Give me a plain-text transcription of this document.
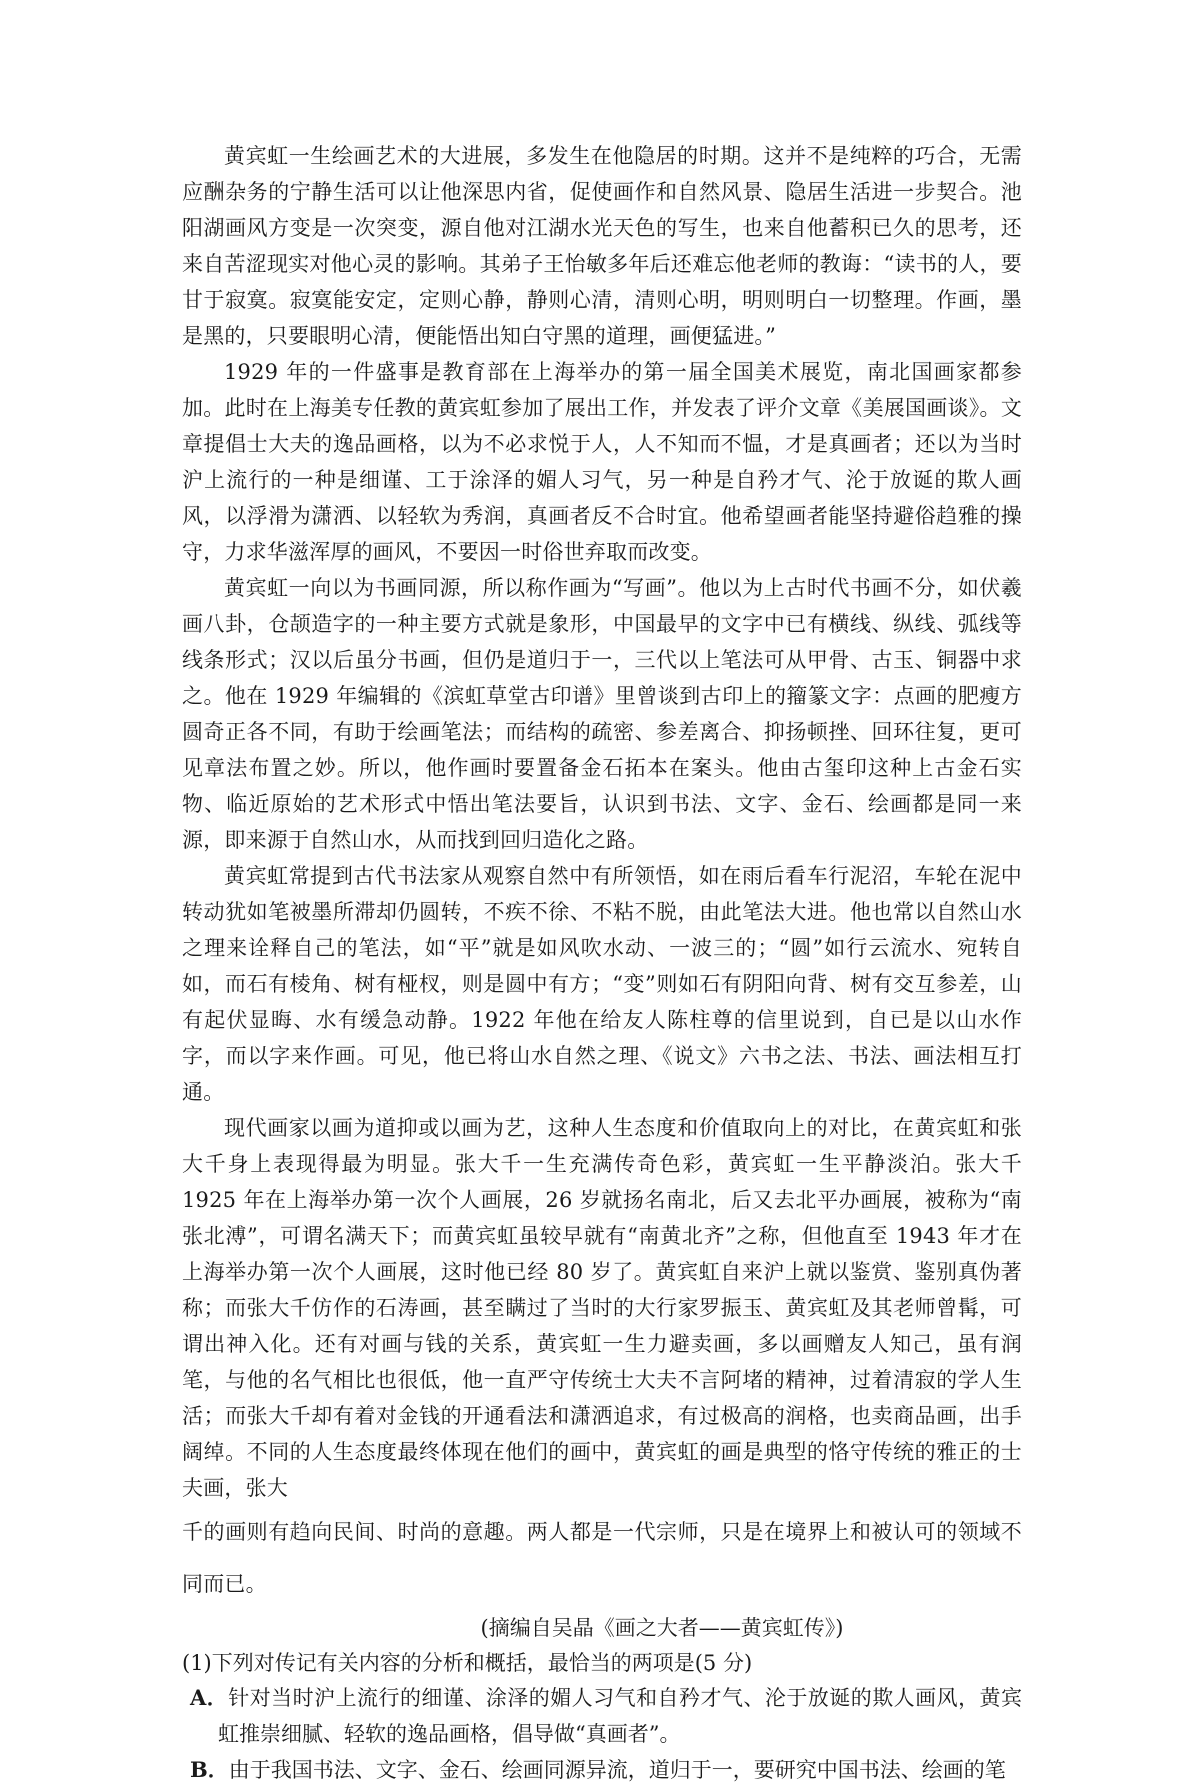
黄宾虹一生绘画艺术的大进展，多发生在他隐居的时期。这并不是纯粹的巧合，无需应酬杂务的宁静生活可以让他深思内省，促使画作和自然风景、隐居生活进一步契合。池阳湖画风方变是一次突变，源自他对江湖水光天色的写生，也来自他蓄积已久的思考，还来自苦涩现实对他心灵的影响。其弟子王怡敏多年后还难忘他老师的教诲：“读书的人，要甘于寂寞。寂寞能安定，定则心静，静则心清，清则心明，明则明白一切整理。作画，墨是黑的，只要眼明心清，便能悟出知白守黑的道理，画便猛进。”

1929 年的一件盛事是教育部在上海举办的第一届全国美术展览，南北国画家都参加。此时在上海美专任教的黄宾虹参加了展出工作，并发表了评介文章《美展国画谈》。文章提倡士大夫的逸品画格，以为不必求悦于人，人不知而不愠，才是真画者；还以为当时沪上流行的一种是细谨、工于涂泽的媚人习气，另一种是自矜才气、沦于放诞的欺人画风，以浮滑为潇洒、以轻软为秀润，真画者反不合时宜。他希望画者能坚持避俗趋雅的操守，力求华滋浑厚的画风，不要因一时俗世弃取而改变。

黄宾虹一向以为书画同源，所以称作画为“写画”。他以为上古时代书画不分，如伏羲画八卦，仓颉造字的一种主要方式就是象形，中国最早的文字中已有横线、纵线、弧线等线条形式；汉以后虽分书画，但仍是道归于一，三代以上笔法可从甲骨、古玉、铜器中求之。他在 1929 年编辑的《滨虹草堂古印谱》里曾谈到古印上的籀篆文字：点画的肥瘦方圆奇正各不同，有助于绘画笔法；而结构的疏密、参差离合、抑扬顿挫、回环往复，更可见章法布置之妙。所以，他作画时要置备金石拓本在案头。他由古玺印这种上古金石实物、临近原始的艺术形式中悟出笔法要旨，认识到书法、文字、金石、绘画都是同一来源，即来源于自然山水，从而找到回归造化之路。

黄宾虹常提到古代书法家从观察自然中有所领悟，如在雨后看车行泥沼，车轮在泥中转动犹如笔被墨所滞却仍圆转，不疾不徐、不粘不脱，由此笔法大进。他也常以自然山水之理来诠释自己的笔法，如“平”就是如风吹水动、一波三的；“圆”如行云流水、宛转自如，而石有棱角、树有桠杈，则是圆中有方；“变”则如石有阴阳向背、树有交互参差，山有起伏显晦、水有缓急动静。1922 年他在给友人陈柱尊的信里说到，自已是以山水作字，而以字来作画。可见，他已将山水自然之理、《说文》六书之法、书法、画法相互打通。

现代画家以画为道抑或以画为艺，这种人生态度和价值取向上的对比，在黄宾虹和张大千身上表现得最为明显。张大千一生充满传奇色彩，黄宾虹一生平静淡泊。张大千 1925 年在上海举办第一次个人画展，26 岁就扬名南北，后又去北平办画展，被称为“南张北溥”，可谓名满天下；而黄宾虹虽较早就有“南黄北齐”之称，但他直至 1943 年才在上海举办第一次个人画展，这时他已经 80 岁了。黄宾虹自来沪上就以鉴赏、鉴别真伪著称；而张大千仿作的石涛画，甚至瞒过了当时的大行家罗振玉、黄宾虹及其老师曾髯，可谓出神入化。还有对画与钱的关系，黄宾虹一生力避卖画，多以画赠友人知己，虽有润笔，与他的名气相比也很低，他一直严守传统士大夫不言阿堵的精神，过着清寂的学人生活；而张大千却有着对金钱的开通看法和潇洒追求，有过极高的润格，也卖商品画，出手阔绰。不同的人生态度最终体现在他们的画中，黄宾虹的画是典型的恪守传统的雅正的士夫画，张大

千的画则有趋向民间、时尚的意趣。两人都是一代宗师，只是在境界上和被认可的领域不同而已。

(摘编自吴晶《画之大者——黄宾虹传》)

(1)下列对传记有关内容的分析和概括，最恰当的两项是(5 分)

A．针对当时沪上流行的细谨、涂泽的媚人习气和自矜才气、沦于放诞的欺人画风，黄宾虹推崇细腻、轻软的逸品画格，倡导做“真画者”。

B．由于我国书法、文字、金石、绘画同源异流，道归于一，要研究中国书法、绘画的笔
